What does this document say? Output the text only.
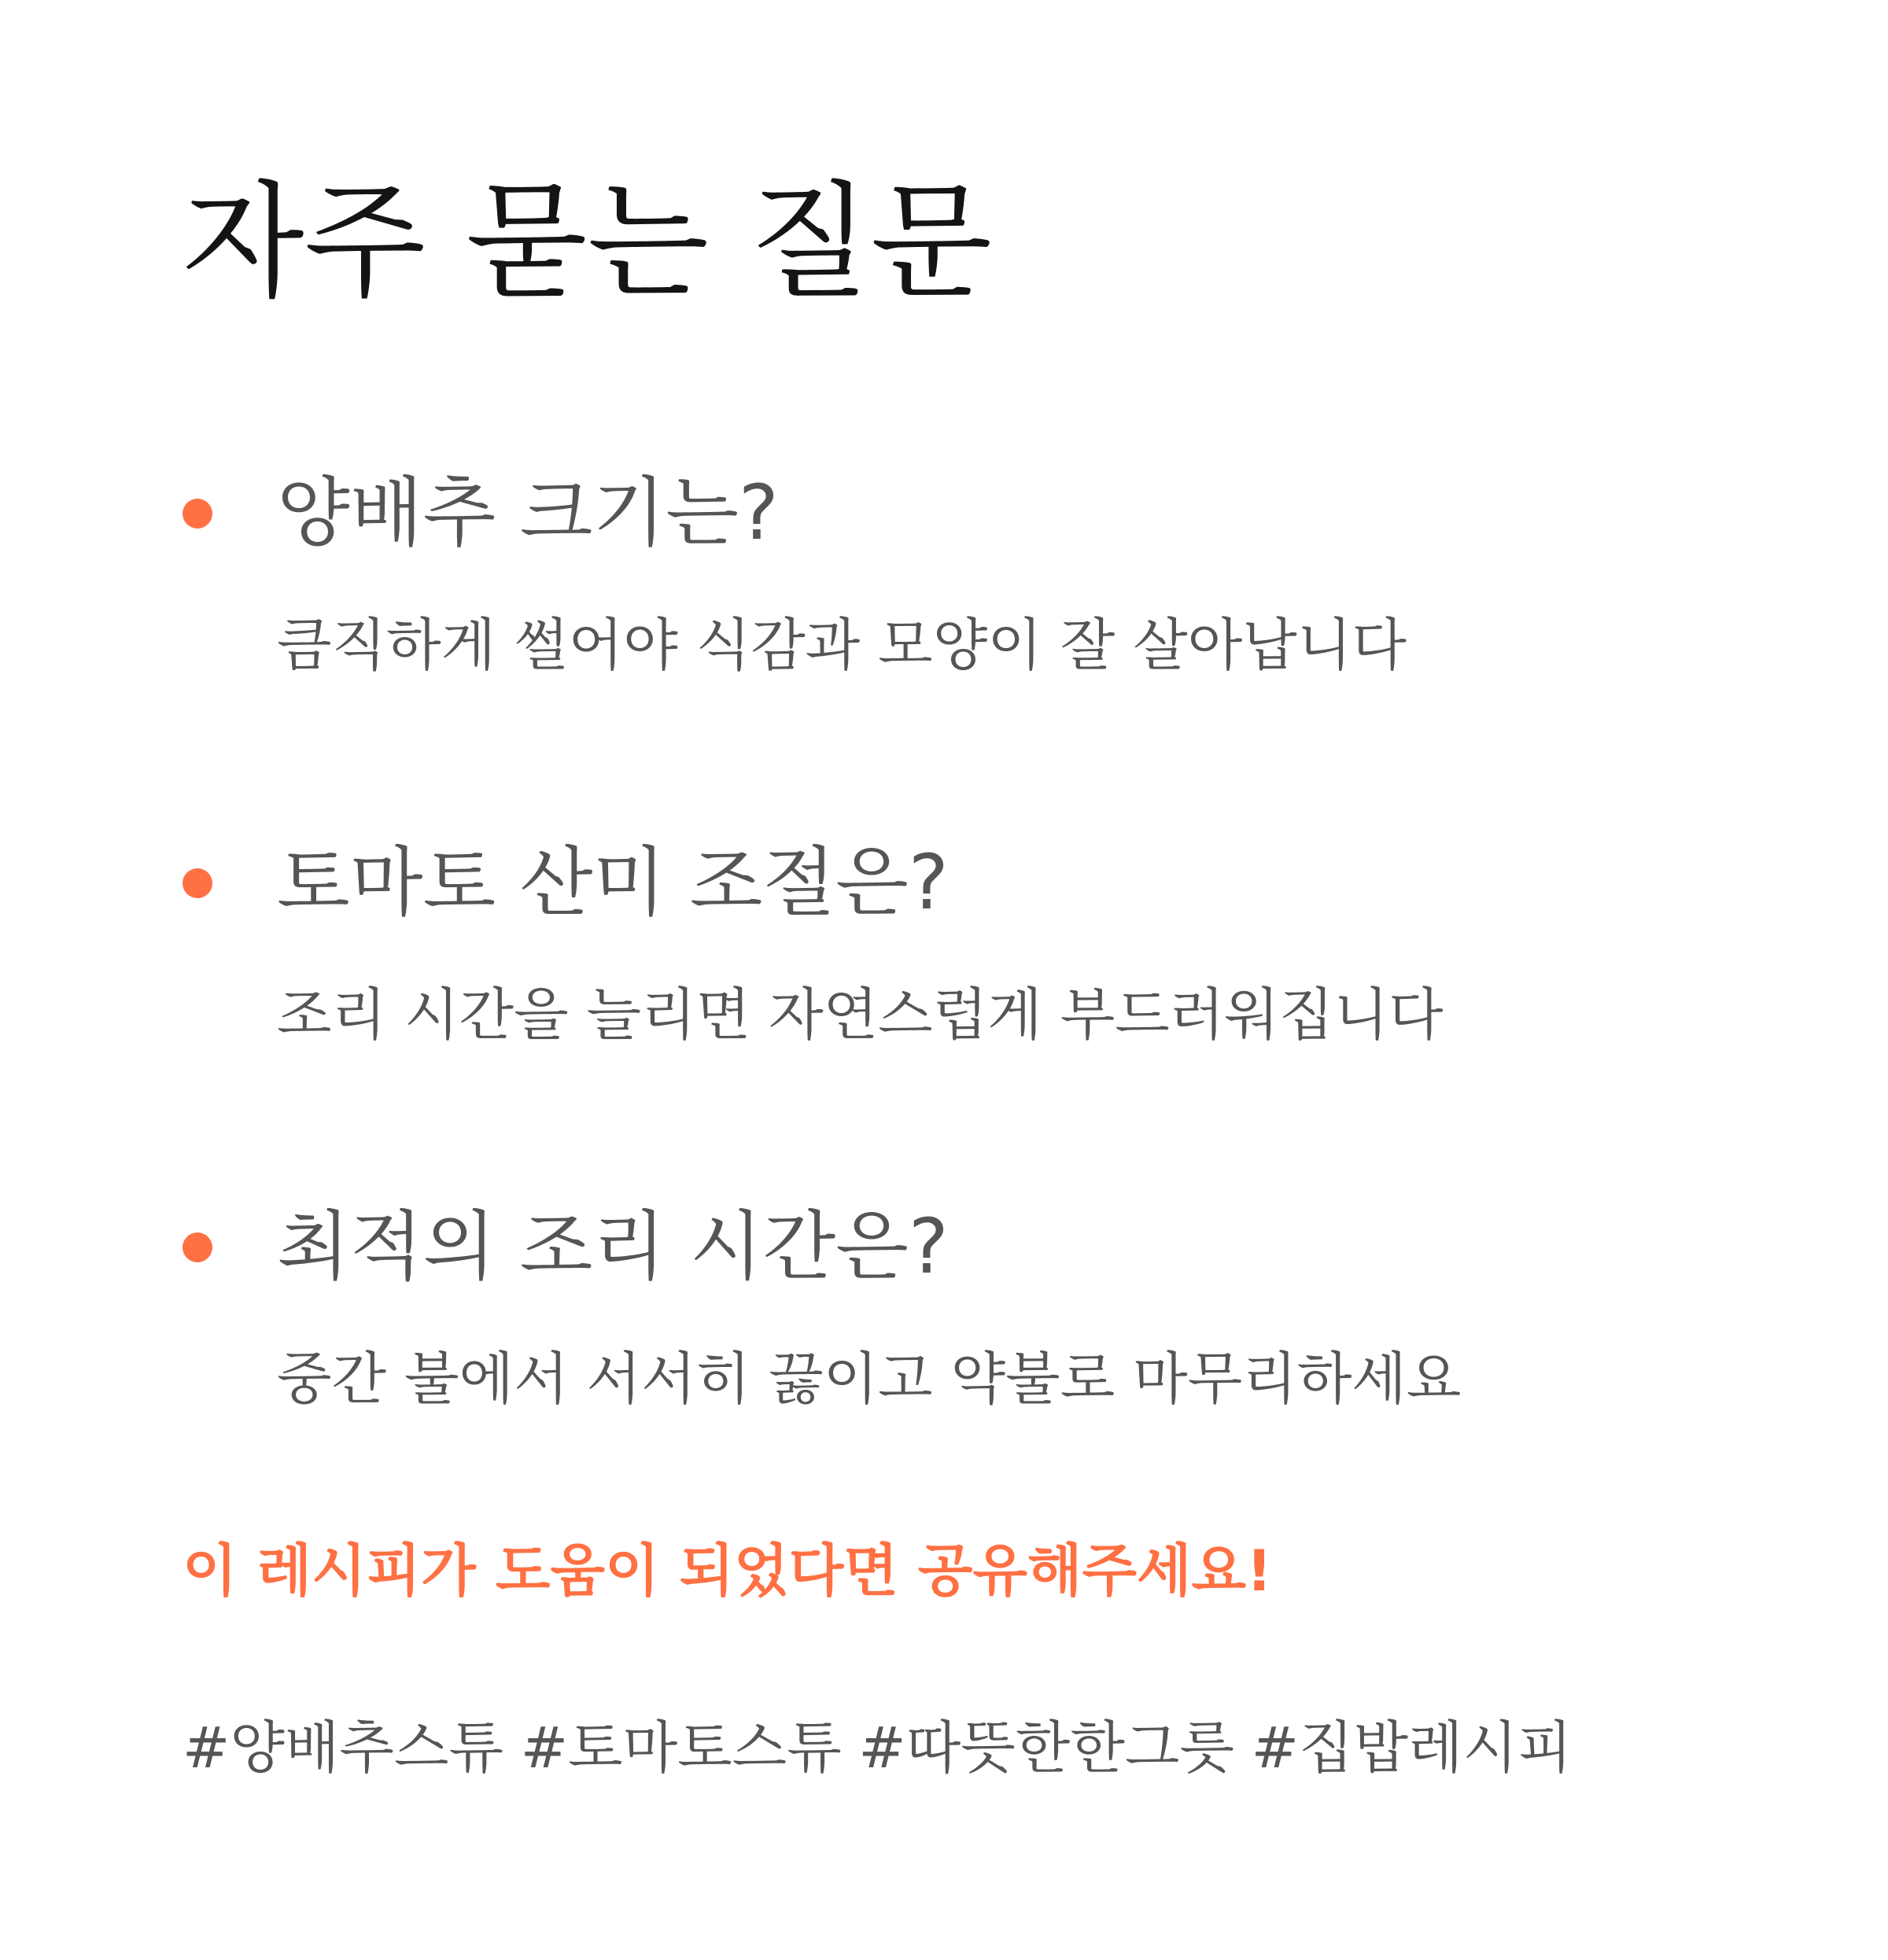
자주 묻는 질문
양배추 크기는?

큼직하게 썰어야 식감과 모양이 잘 살아납니다

토마토 산미 조절은?

조리 시간을 늘리면 자연스럽게 부드러워집니다

최적의 조리 시간은?

중간 불에서 서서히 끓이고 약불로 마무리하세요

이 레시피가 도움이 되었다면 공유해주세요!

#양배추스튜 #토마토스튜 #따뜻한한그릇 #집밥레시피
